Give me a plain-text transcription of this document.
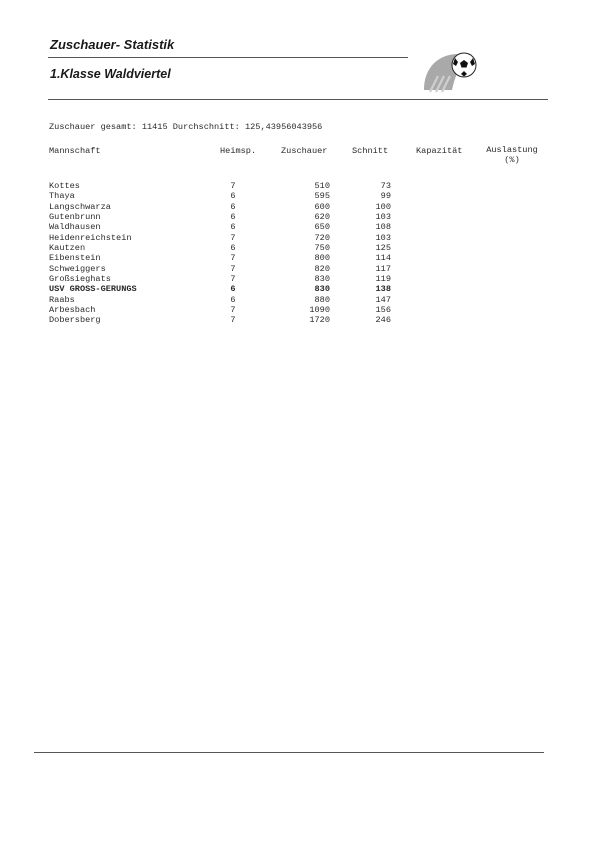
Zuschauer- Statistik
1.Klasse Waldviertel
Zuschauer gesamt: 11415 Durchschnitt: 125,43956043956
Mannschaft	Heimsp.	Zuschauer	Schnitt	Kapazität	Auslastung
(%)
Kottes	7	510	73
Thaya	6	595	99
Langschwarza	6	600	100
Gutenbrunn	6	620	103
Waldhausen	6	650	108
Heidenreichstein	7	720	103
Kautzen	6	750	125
Eibenstein	7	800	114
Schweiggers	7	820	117
Großsieghats	7	830	119
USV GROSS-GERUNGS	6	830	138
Raabs	6	880	147
Arbesbach	7	1090	156
Dobersberg	7	1720	246
